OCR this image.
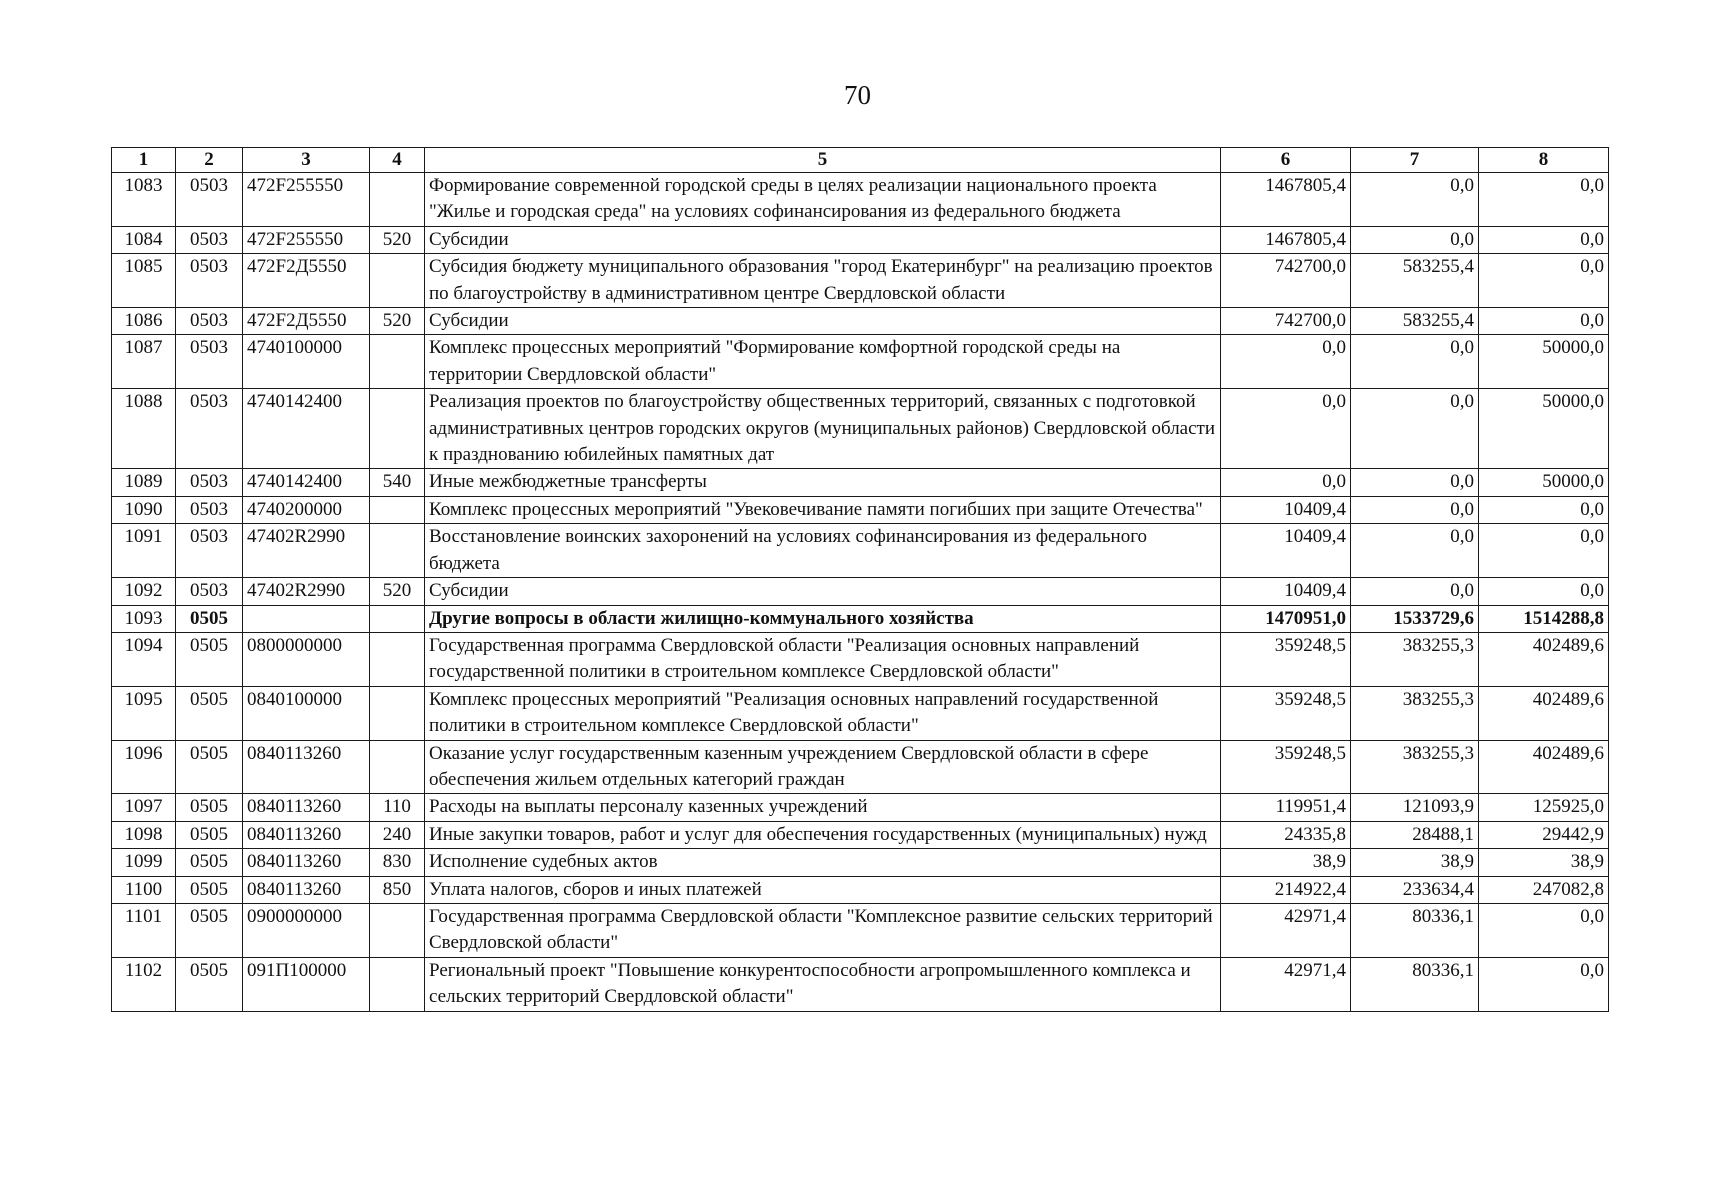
70
1	2	3	4	5	6	7	8
1083	0503	472F255550		Формирование современной городской среды в целях реализации национального проекта "Жилье и городская среда" на условиях софинансирования из федерального бюджета	1467805,4	0,0	0,0
1084	0503	472F255550	520	Субсидии	1467805,4	0,0	0,0
1085	0503	472F2Д5550		Субсидия бюджету муниципального образования "город Екатеринбург" на реализацию проектов по благоустройству в административном центре Свердловской области	742700,0	583255,4	0,0
1086	0503	472F2Д5550	520	Субсидии	742700,0	583255,4	0,0
1087	0503	4740100000		Комплекс процессных мероприятий "Формирование комфортной городской среды на территории Свердловской области"	0,0	0,0	50000,0
1088	0503	4740142400		Реализация проектов по благоустройству общественных территорий, связанных с подготовкой административных центров городских округов (муниципальных районов) Свердловской области к празднованию юбилейных памятных дат	0,0	0,0	50000,0
1089	0503	4740142400	540	Иные межбюджетные трансферты	0,0	0,0	50000,0
1090	0503	4740200000		Комплекс процессных мероприятий "Увековечивание памяти погибших при защите Отечества"	10409,4	0,0	0,0
1091	0503	47402R2990		Восстановление воинских захоронений на условиях софинансирования из федерального бюджета	10409,4	0,0	0,0
1092	0503	47402R2990	520	Субсидии	10409,4	0,0	0,0
1093	0505			Другие вопросы в области жилищно-коммунального хозяйства	1470951,0	1533729,6	1514288,8
1094	0505	0800000000		Государственная программа Свердловской области "Реализация основных направлений государственной политики в строительном комплексе Свердловской области"	359248,5	383255,3	402489,6
1095	0505	0840100000		Комплекс процессных мероприятий "Реализация основных направлений государственной политики в строительном комплексе Свердловской области"	359248,5	383255,3	402489,6
1096	0505	0840113260		Оказание услуг государственным казенным учреждением Свердловской области в сфере обеспечения жильем отдельных категорий граждан	359248,5	383255,3	402489,6
1097	0505	0840113260	110	Расходы на выплаты персоналу казенных учреждений	119951,4	121093,9	125925,0
1098	0505	0840113260	240	Иные закупки товаров, работ и услуг для обеспечения государственных (муниципальных) нужд	24335,8	28488,1	29442,9
1099	0505	0840113260	830	Исполнение судебных актов	38,9	38,9	38,9
1100	0505	0840113260	850	Уплата налогов, сборов и иных платежей	214922,4	233634,4	247082,8
1101	0505	0900000000		Государственная программа Свердловской области "Комплексное развитие сельских территорий Свердловской области"	42971,4	80336,1	0,0
1102	0505	091П100000		Региональный проект "Повышение конкурентоспособности агропромышленного комплекса и сельских территорий Свердловской области"	42971,4	80336,1	0,0
